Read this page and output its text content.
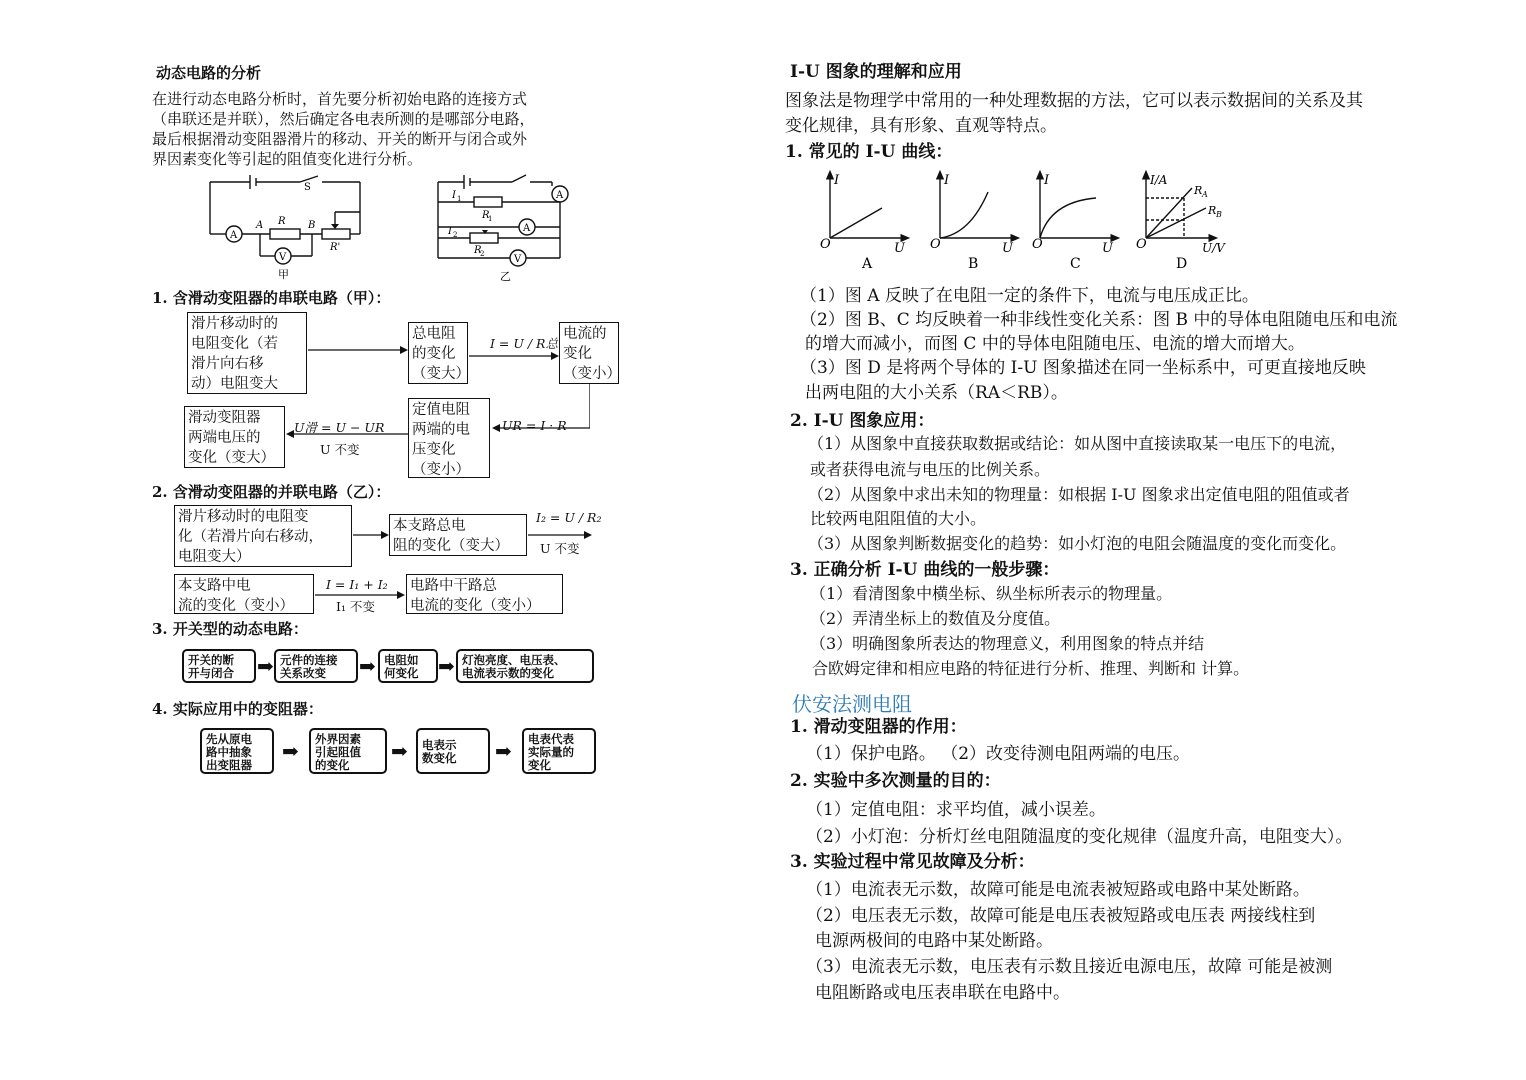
动态电路的分析
在进行动态电路分析时，首先要分析初始电路的连接方式
（串联还是并联），然后确定各电表所测的是哪部分电路，
最后根据滑动变阻器滑片的移动、开关的断开与闭合或外
界因素变化等引起的阻值变化进行分析。
S
A
V
A	B
R
R'
甲
A
A
V
I 1
R
1
I 2
R
2
乙
1. 含滑动变阻器的串联电路（甲）：
滑片移动时的
电阻变化（若
滑片向右移
动）电阻变大
总电阻
的变化
（变大）
I = U / R总
电流的
变化
（变小）
UR = I · R
定值电阻
两端的电
压变化
（变小）
U滑 = U − UR
U 不变
滑动变阻器
两端电压的
变化（变大）
2. 含滑动变阻器的并联电路（乙）：
滑片移动时的电阻变
化（若滑片向右移动，
电阻变大）
本支路总电
阻的变化（变大）
I₂ = U / R₂
U 不变
本支路中电
流的变化（变小）
I = I₁ + I₂
I₁ 不变
电路中干路总
电流的变化（变小）
3. 开关型的动态电路：
开关的断
开与闭合	➡ 元件的连接
关系改变	➡ 电阻如
何变化 ➡ 灯泡亮度、电压表、
电流表示数的变化
4. 实际应用中的变阻器：
先从原电
路中抽象
出变阻器
➡ 外界因素
引起阻值
的变化
➡ 电表示
数变化	➡ 电表代表
实际量的
变化
I-U 图象的理解和应用
图象法是物理学中常用的一种处理数据的方法，它可以表示数据间的关系及其
变化规律，具有形象、直观等特点。
1. 常见的 I-U 曲线：
I
U
O
I
U
O
I
U
O
I/A
U/V
O
R A
R B
A	B	C	D
（1）图 A 反映了在电阻一定的条件下，电流与电压成正比。
（2）图 B、C 均反映着一种非线性变化关系：图 B 中的导体电阻随电压和电流
的增大而减小，而图 C 中的导体电阻随电压、电流的增大而增大。
（3）图 D 是将两个导体的 I-U 图象描述在同一坐标系中，可更直接地反映
出两电阻的大小关系（RA＜RB）。
2. I-U 图象应用：
（1）从图象中直接获取数据或结论：如从图中直接读取某一电压下的电流，
或者获得电流与电压的比例关系。
（2）从图象中求出未知的物理量：如根据 I-U 图象求出定值电阻的阻值或者
比较两电阻阻值的大小。
（3）从图象判断数据变化的趋势：如小灯泡的电阻会随温度的变化而变化。
3. 正确分析 I-U 曲线的一般步骤：
（1）看清图象中横坐标、纵坐标所表示的物理量。
（2）弄清坐标上的数值及分度值。
（3）明确图象所表达的物理意义，利用图象的特点并结
合欧姆定律和相应电路的特征进行分析、推理、判断和 计算。
伏安法测电阻
1. 滑动变阻器的作用：
（1）保护电路。 （2）改变待测电阻两端的电压。
2. 实验中多次测量的目的：
（1）定值电阻：求平均值，减小误差。
（2）小灯泡：分析灯丝电阻随温度的变化规律（温度升高，电阻变大）。
3. 实验过程中常见故障及分析：
（1）电流表无示数，故障可能是电流表被短路或电路中某处断路。
（2）电压表无示数，故障可能是电压表被短路或电压表 两接线柱到
电源两极间的电路中某处断路。
（3）电流表无示数，电压表有示数且接近电源电压，故障 可能是被测
电阻断路或电压表串联在电路中。
